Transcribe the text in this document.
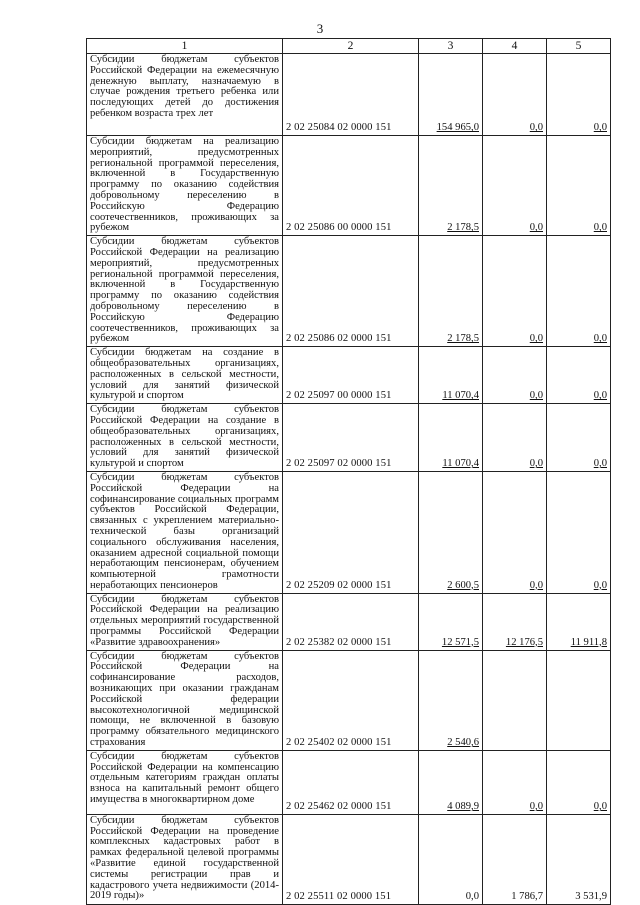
3
1	2	3	4	5
Субсидии бюджетам субъектов Российской Федерации на ежемесячную денежную выплату, назначаемую в случае рождения третьего ребенка или последующих детей до достижения ребенком возраста трех лет	2 02 25084 02 0000 151	154 965,0	0,0	0,0
Субсидии бюджетам на реализацию мероприятий, предусмотренных региональной программой переселения, включенной в Государственную программу по оказанию содействия добровольному переселению в Российскую Федерацию соотечественников, проживающих за рубежом	2 02 25086 00 0000 151	2 178,5	0,0	0,0
Субсидии бюджетам субъектов Российской Федерации на реализацию мероприятий, предусмотренных региональной программой переселения, включенной в Государственную программу по оказанию содействия добровольному переселению в Российскую Федерацию соотечественников, проживающих за рубежом	2 02 25086 02 0000 151	2 178,5	0,0	0,0
Субсидии бюджетам на создание в общеобразовательных организациях, расположенных в сельской местности, условий для занятий физической культурой и спортом	2 02 25097 00 0000 151	11 070,4	0,0	0,0
Субсидии бюджетам субъектов Российской Федерации на создание в общеобразовательных организациях, расположенных в сельской местности, условий для занятий физической культурой и спортом	2 02 25097 02 0000 151	11 070,4	0,0	0,0
Субсидии бюджетам субъектов Российской Федерации на софинансирование социальных программ субъектов Российской Федерации, связанных с укреплением материально-технической базы организаций социального обслуживания населения, оказанием адресной социальной помощи неработающим пенсионерам, обучением компьютерной грамотности неработающих пенсионеров	2 02 25209 02 0000 151	2 600,5	0,0	0,0
Субсидии бюджетам субъектов Российской Федерации на реализацию отдельных мероприятий государственной программы Российской Федерации «Развитие здравоохранения»	2 02 25382 02 0000 151	12 571,5	12 176,5	11 911,8
Субсидии бюджетам субъектов Российской Федерации на софинансирование расходов, возникающих при оказании гражданам Российской федерации высокотехнологичной медицинской помощи, не включенной в базовую программу обязательного медицинского страхования	2 02 25402 02 0000 151	2 540,6		
Субсидии бюджетам субъектов Российской Федерации на компенсацию отдельным категориям граждан оплаты взноса на капитальный ремонт общего имущества в многоквартирном доме	2 02 25462 02 0000 151	4 089,9	0,0	0,0
Субсидии бюджетам субъектов Российской Федерации на проведение комплексных кадастровых работ в рамках федеральной целевой программы «Развитие единой государственной системы регистрации прав и кадастрового учета недвижимости (2014-2019 годы)»	2 02 25511 02 0000 151	0,0	1 786,7	3 531,9
